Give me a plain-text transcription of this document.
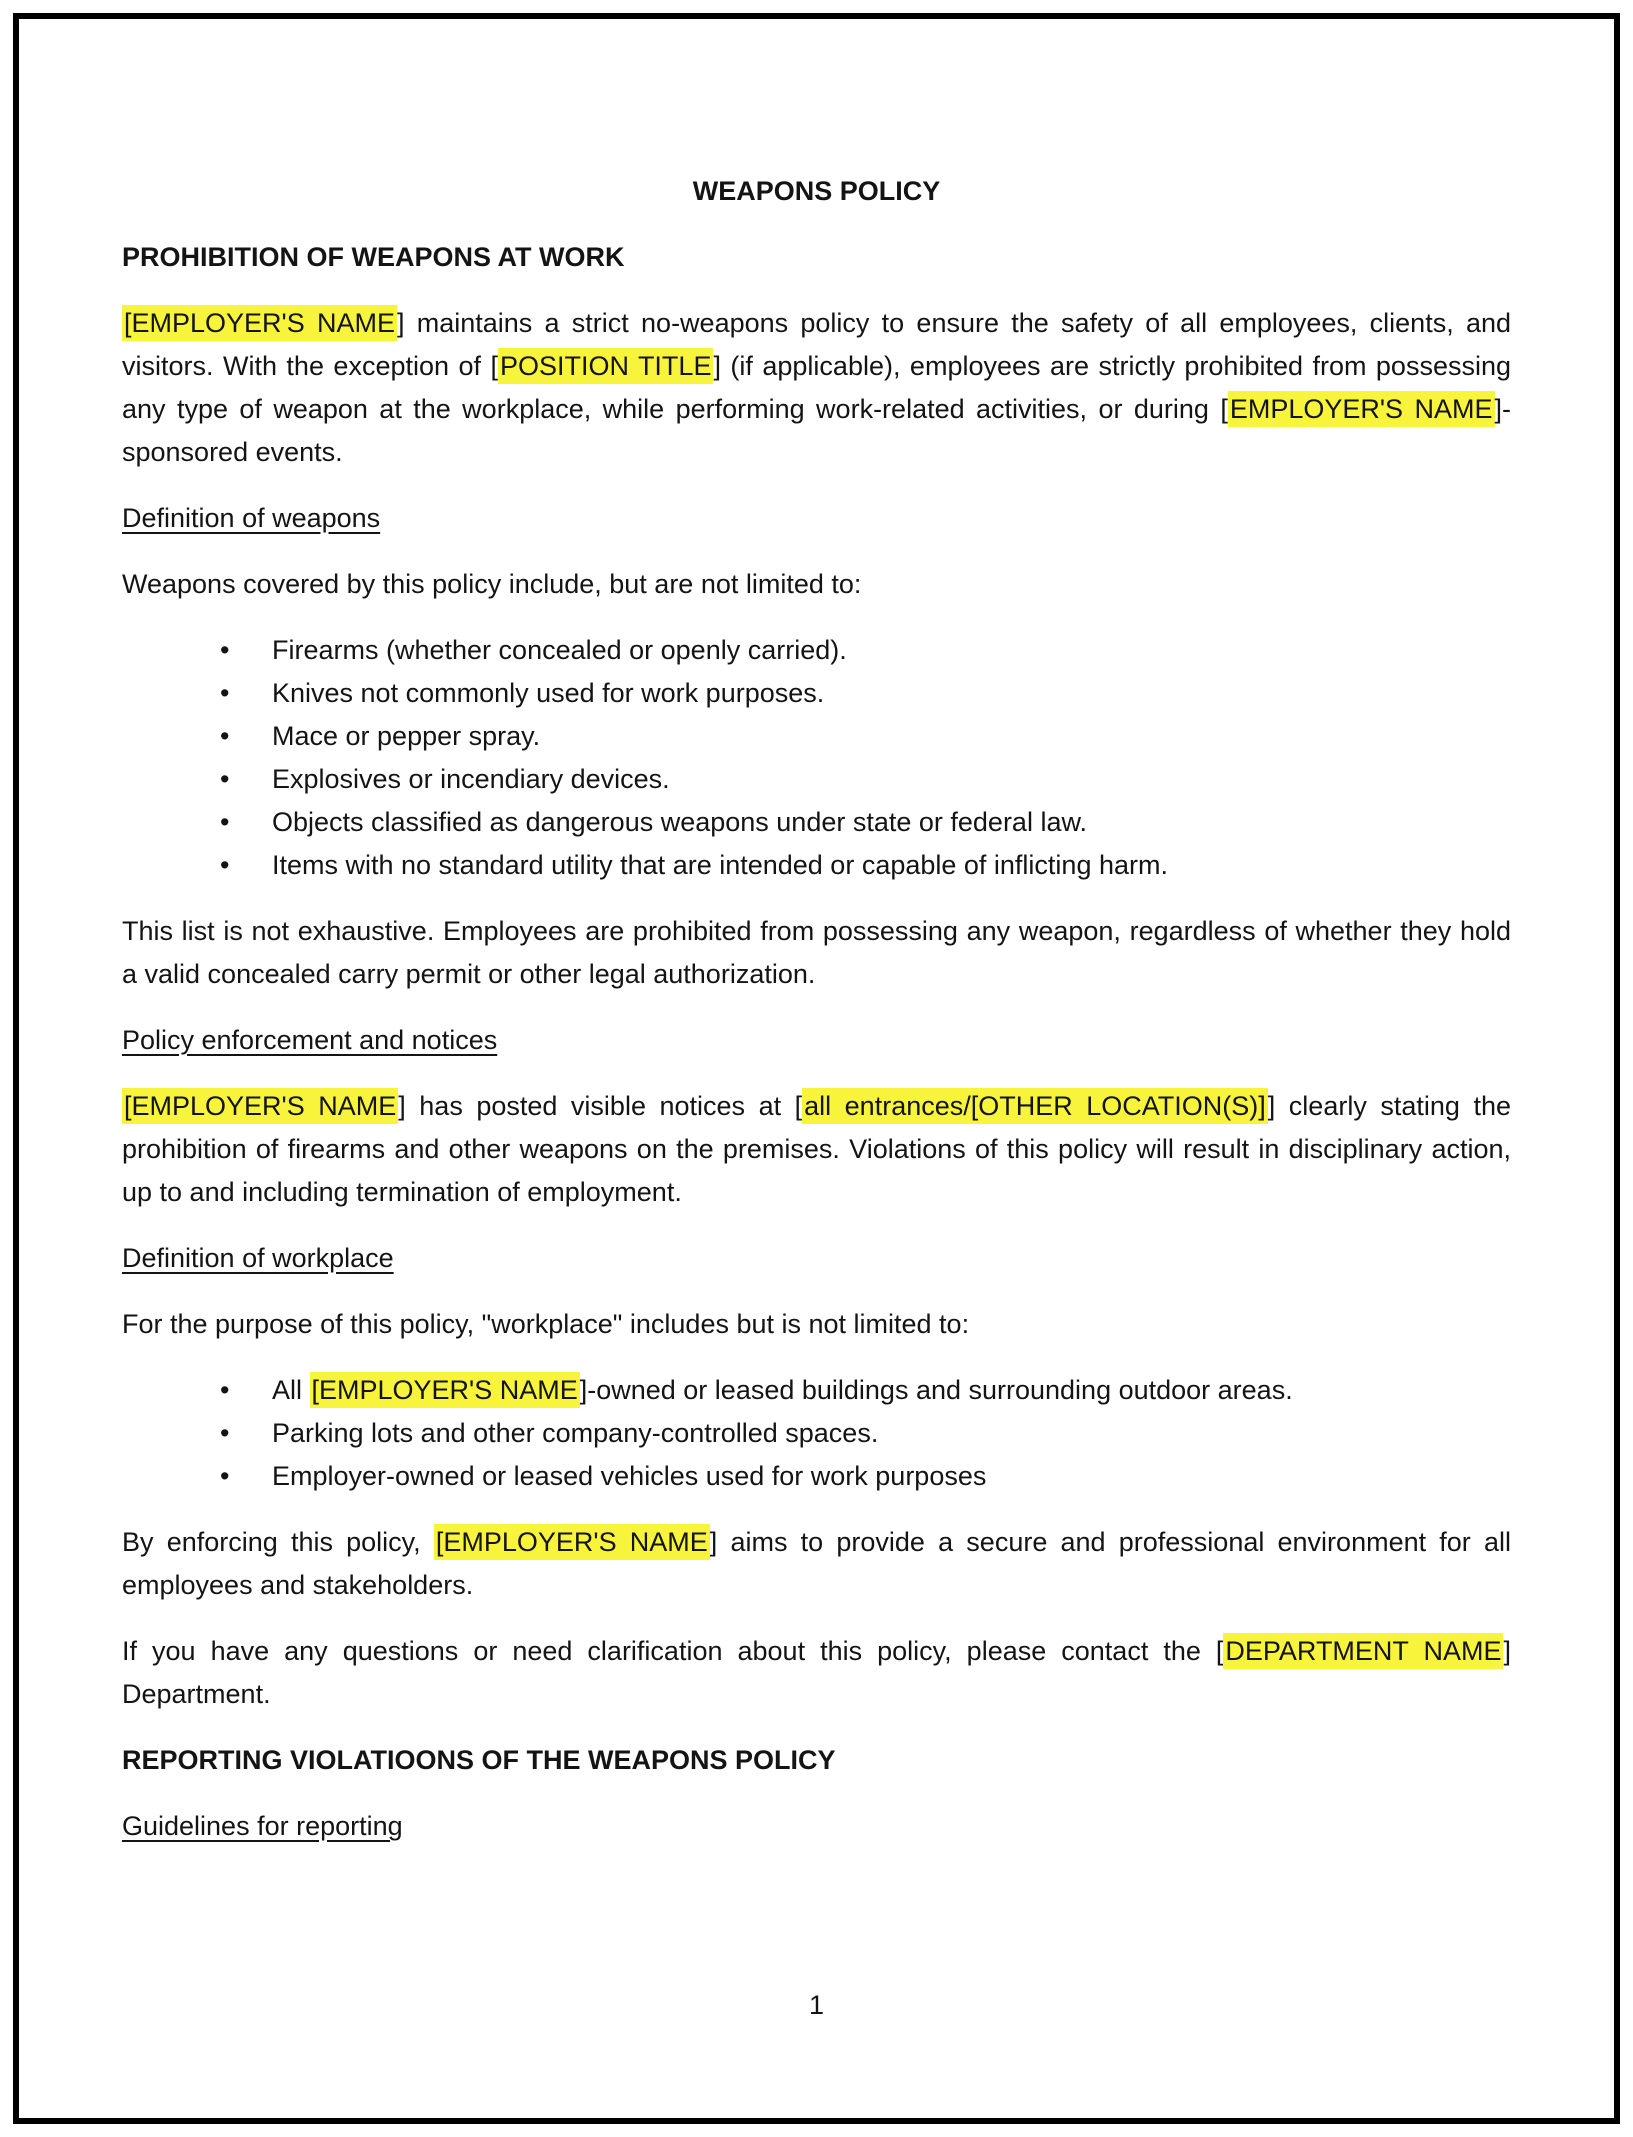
WEAPONS POLICY
PROHIBITION OF WEAPONS AT WORK

[EMPLOYER'S NAME] maintains a strict no-weapons policy to ensure the safety of all employees, clients, and visitors. With the exception of [POSITION TITLE] (if applicable), employees are strictly prohibited from possessing any type of weapon at the workplace, while performing work-related activities, or during [EMPLOYER'S NAME]-sponsored events.

Definition of weapons

Weapons covered by this policy include, but are not limited to:

• Firearms (whether concealed or openly carried).
• Knives not commonly used for work purposes.
• Mace or pepper spray.
• Explosives or incendiary devices.
• Objects classified as dangerous weapons under state or federal law.
• Items with no standard utility that are intended or capable of inflicting harm.

This list is not exhaustive. Employees are prohibited from possessing any weapon, regardless of whether they hold a valid concealed carry permit or other legal authorization.

Policy enforcement and notices

[EMPLOYER'S NAME] has posted visible notices at [all entrances/[OTHER LOCATION(S)]] clearly stating the prohibition of firearms and other weapons on the premises. Violations of this policy will result in disciplinary action, up to and including termination of employment.

Definition of workplace

For the purpose of this policy, "workplace" includes but is not limited to:

• All [EMPLOYER'S NAME]-owned or leased buildings and surrounding outdoor areas.
• Parking lots and other company-controlled spaces.
• Employer-owned or leased vehicles used for work purposes

By enforcing this policy, [EMPLOYER'S NAME] aims to provide a secure and professional environment for all employees and stakeholders.

If you have any questions or need clarification about this policy, please contact the [DEPARTMENT NAME] Department.

REPORTING VIOLATIOONS OF THE WEAPONS POLICY
Guidelines for reporting
1
